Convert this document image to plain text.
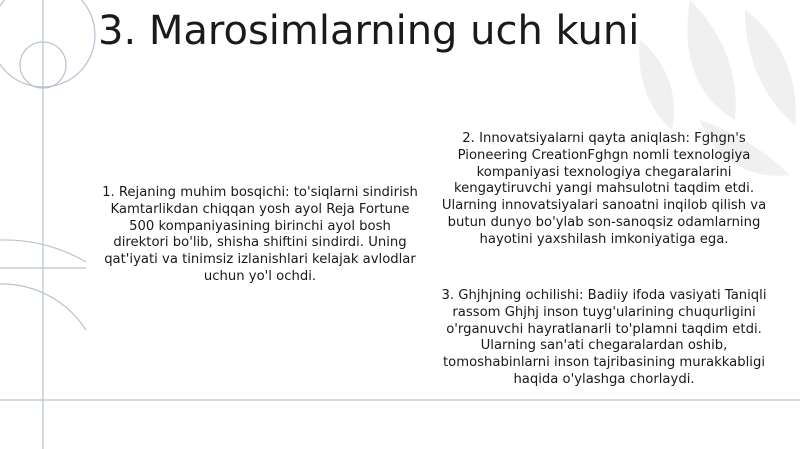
3. Marosimlarning uch kuni

1. Rejaning muhim bosqichi: to'siqlarni sindirish Kamtarlikdan chiqqan yosh ayol Reja Fortune 500 kompaniyasining birinchi ayol bosh direktori bo'lib, shisha shiftini sindirdi. Uning qat'iyati va tinimsiz izlanishlari kelajak avlodlar uchun yo'l ochdi.

2. Innovatsiyalarni qayta aniqlash: Fghgn's Pioneering CreationFghgn nomli texnologiya kompaniyasi texnologiya chegaralarini kengaytiruvchi yangi mahsulotni taqdim etdi. Ularning innovatsiyalari sanoatni inqilob qilish va butun dunyo bo'ylab son-sanoqsiz odamlarning hayotini yaxshilash imkoniyatiga ega.

3. Ghjhjning ochilishi: Badiiy ifoda vasiyati Taniqli rassom Ghjhj inson tuyg'ularining chuqurligini o'rganuvchi hayratlanarli to'plamni taqdim etdi. Ularning san'ati chegaralardan oshib, tomoshabinlarni inson tajribasining murakkabligi haqida o'ylashga chorlaydi.
